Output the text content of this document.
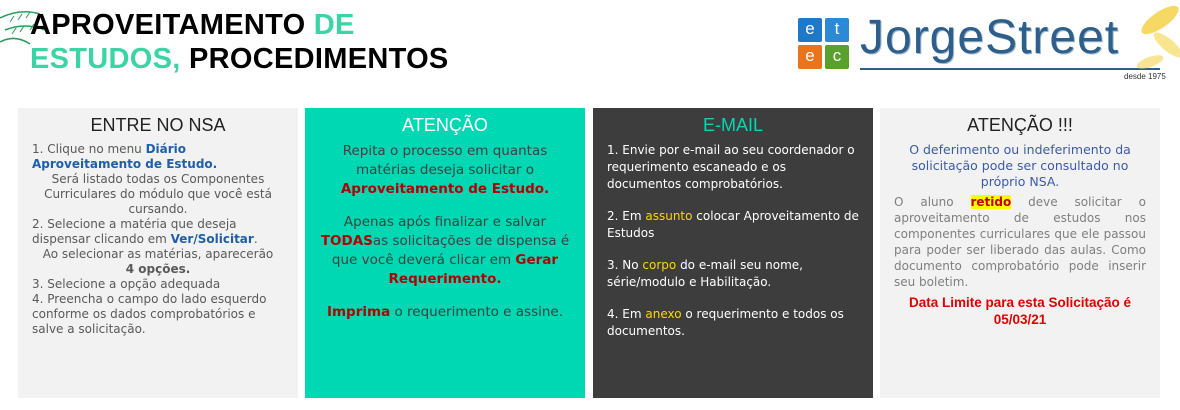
APROVEITAMENTO DE
ESTUDOS, PROCEDIMENTOS
e	t
e	c JorgeStreet
desde 1975
ENTRE NO NSA
1. Clique no menu Diário Aproveitamento de Estudo.
Será listado todas os Componentes Curriculares do módulo que você está cursando.
2. Selecione a matéria que deseja dispensar clicando em Ver/Solicitar.
Ao selecionar as matérias, aparecerão
4 opções.
3. Selecione a opção adequada
4. Preencha o campo do lado esquerdo conforme os dados comprobatórios e salve a solicitação.
ATENÇÃO
Repita o processo em quantas matérias deseja solicitar o Aproveitamento de Estudo.
Apenas após finalizar e salvar TODASas solicitações de dispensa é que você deverá clicar em Gerar Requerimento.
Imprima o requerimento e assine.
E-MAIL
1. Envie por e-mail ao seu coordenador o requerimento escaneado e os documentos comprobatórios.
2. Em assunto colocar Aproveitamento de Estudos
3. No corpo do e-mail seu nome, série/modulo e Habilitação.
4. Em anexo o requerimento e todos os documentos.
ATENÇÃO !!!
O deferimento ou indeferimento da solicitação pode ser consultado no próprio NSA.
O aluno retido deve solicitar o aproveitamento de estudos nos componentes curriculares que ele passou para poder ser liberado das aulas. Como documento comprobatório pode inserir seu boletim.
Data Limite para esta Solicitação é 05/03/21
